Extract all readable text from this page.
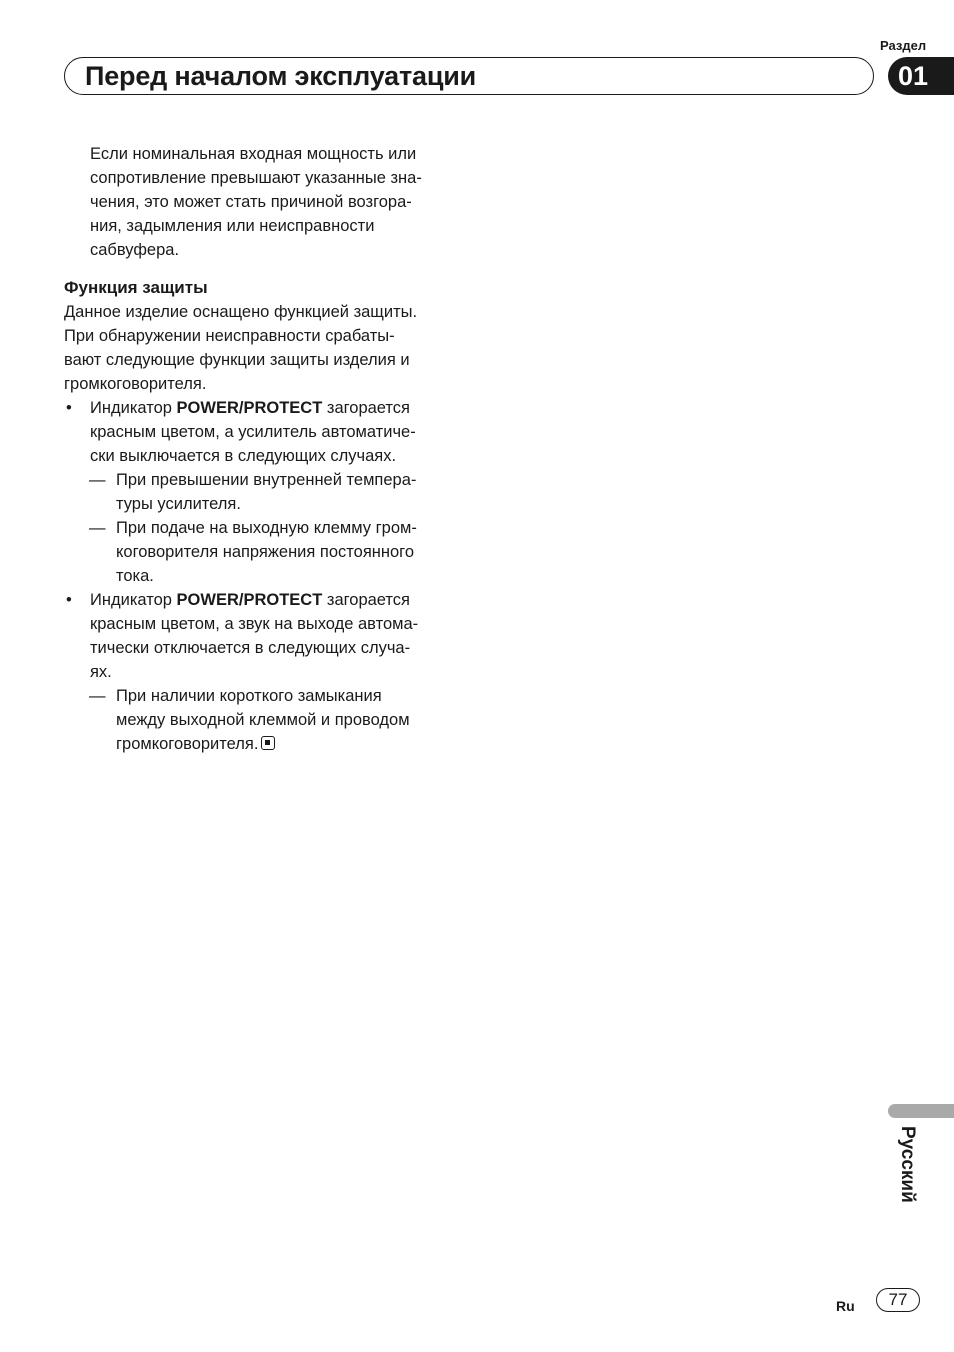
Раздел
Перед началом эксплуатации	01

Если номинальная входная мощность или

сопротивление превышают указанные зна-

чения, это может стать причиной возгора-

ния, задымления или неисправности

сабвуфера.

Функция защиты

Данное изделие оснащено функцией защиты.

При обнаружении неисправности срабаты-

вают следующие функции защиты изделия и

громкоговорителя.

• Индикатор POWER/PROTECT загорается

красным цветом, а усилитель автоматиче-

ски выключается в следующих случаях.

— При превышении внутренней темпера-

туры усилителя.

— При подаче на выходную клемму гром-

коговорителя напряжения постоянного

тока.

• Индикатор POWER/PROTECT загорается

красным цветом, а звук на выходе автома-

тически отключается в следующих случа-

ях.

— При наличии короткого замыкания

между выходной клеммой и проводом

громкоговорителя.

Русский
Ru	77
